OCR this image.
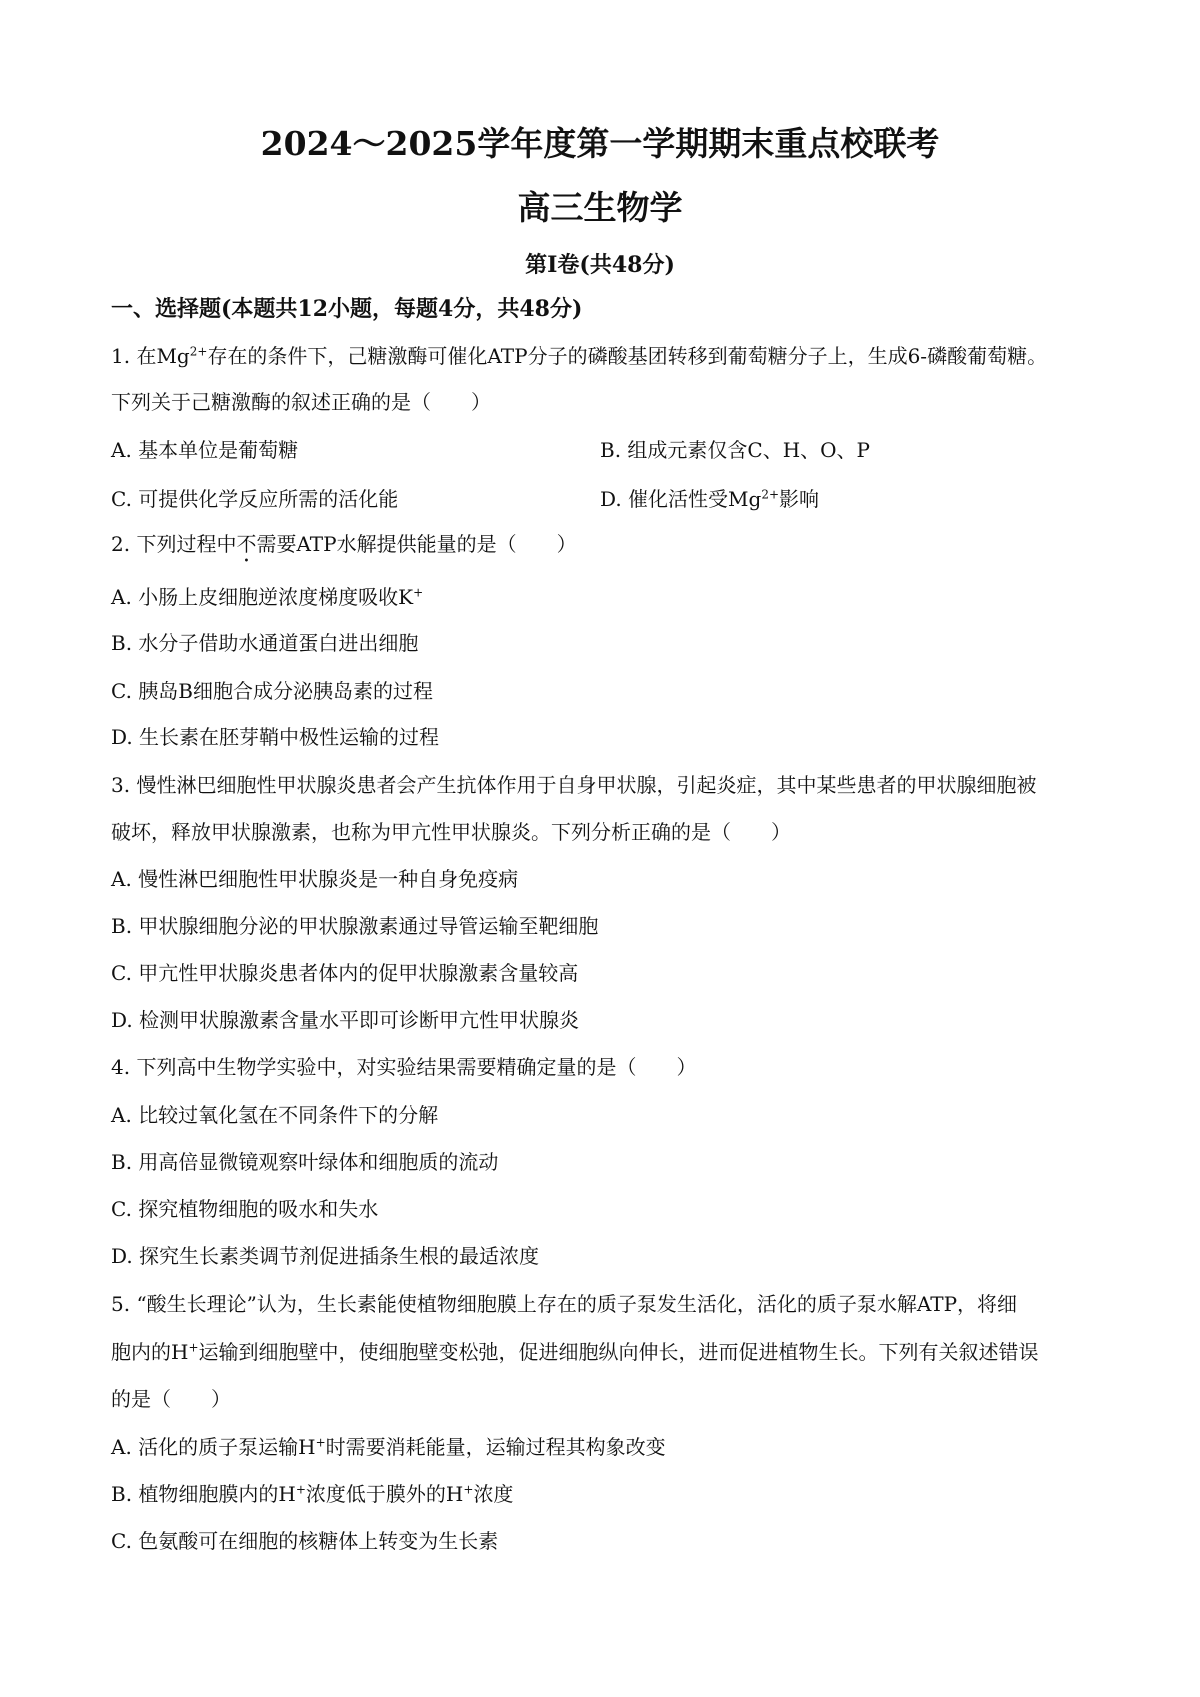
2024～2025学年度第一学期期末重点校联考
高三生物学
第Ⅰ卷(共48分)
一、选择题(本题共12小题，每题4分，共48分)
1. 在$Mg^{2+}$存在的条件下，己糖激酶可催化ATP分子的磷酸基团转移到葡萄糖分子上，生成6-磷酸葡萄糖。
下列关于己糖激酶的叙述正确的是（　　）
A. 基本单位是葡萄糖	B. 组成元素仅含C、H、O、P
C. 可提供化学反应所需的活化能	D. 催化活性受$Mg^{2+}$影响
2. 下列过程中不需要ATP水解提供能量的是（　　）
A. 小肠上皮细胞逆浓度梯度吸收K+
B. 水分子借助水通道蛋白进出细胞
C. 胰岛B细胞合成分泌胰岛素的过程
D. 生长素在胚芽鞘中极性运输的过程
3. 慢性淋巴细胞性甲状腺炎患者会产生抗体作用于自身甲状腺，引起炎症，其中某些患者的甲状腺细胞被
破坏，释放甲状腺激素，也称为甲亢性甲状腺炎。下列分析正确的是（　　）
A. 慢性淋巴细胞性甲状腺炎是一种自身免疫病
B. 甲状腺细胞分泌的甲状腺激素通过导管运输至靶细胞
C. 甲亢性甲状腺炎患者体内的促甲状腺激素含量较高
D. 检测甲状腺激素含量水平即可诊断甲亢性甲状腺炎
4. 下列高中生物学实验中，对实验结果需要精确定量的是（　　）
A. 比较过氧化氢在不同条件下的分解
B. 用高倍显微镜观察叶绿体和细胞质的流动
C. 探究植物细胞的吸水和失水
D. 探究生长素类调节剂促进插条生根的最适浓度
5. “酸生长理论”认为，生长素能使植物细胞膜上存在的质子泵发生活化，活化的质子泵水解ATP，将细
胞内的H+运输到细胞壁中，使细胞壁变松弛，促进细胞纵向伸长，进而促进植物生长。下列有关叙述错误
的是（　　）
A. 活化的质子泵运输H+时需要消耗能量，运输过程其构象改变
B. 植物细胞膜内的H+浓度低于膜外的H+浓度
C. 色氨酸可在细胞的核糖体上转变为生长素
